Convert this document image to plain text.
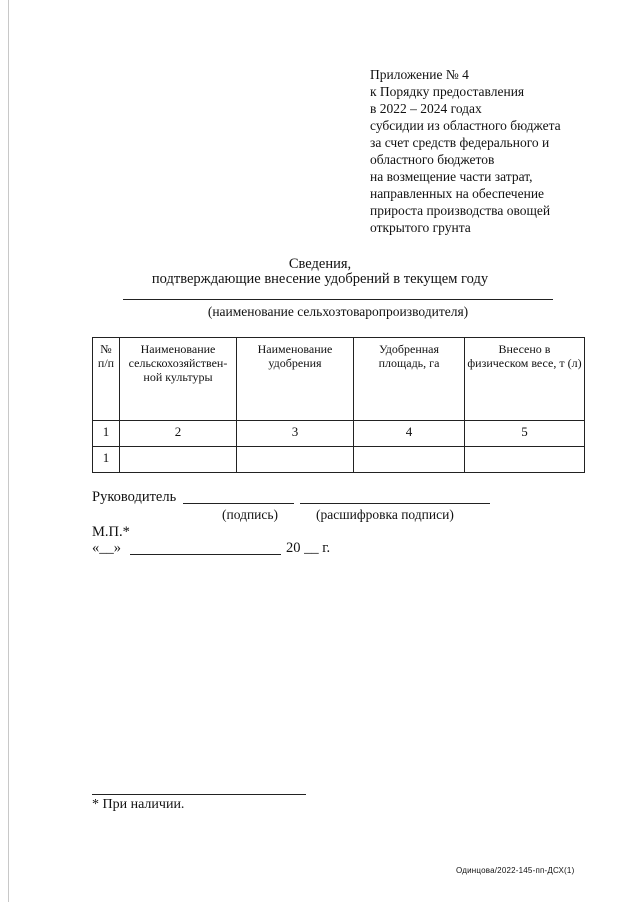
Приложение № 4
к Порядку предоставления
в 2022 – 2024 годах
субсидии из областного бюджета
за счет средств федерального и
областного бюджетов
на возмещение части затрат,
направленных на обеспечение
прироста производства овощей
открытого грунта
Сведения,
подтверждающие внесение удобрений в текущем году
(наименование сельхозтоваропроизводителя)
№ п/п	Наименование сельскохозяйствен-ной культуры	Наименование удобрения	Удобренная площадь, га	Внесено в физическом весе, т (л)
1	2	3	4	5
1				
Руководитель
(подпись)	(расшифровка подписи)
М.П.*
«__»	20 __ г.
* При наличии.
Одинцова/2022-145-пп-ДСХ(1)
